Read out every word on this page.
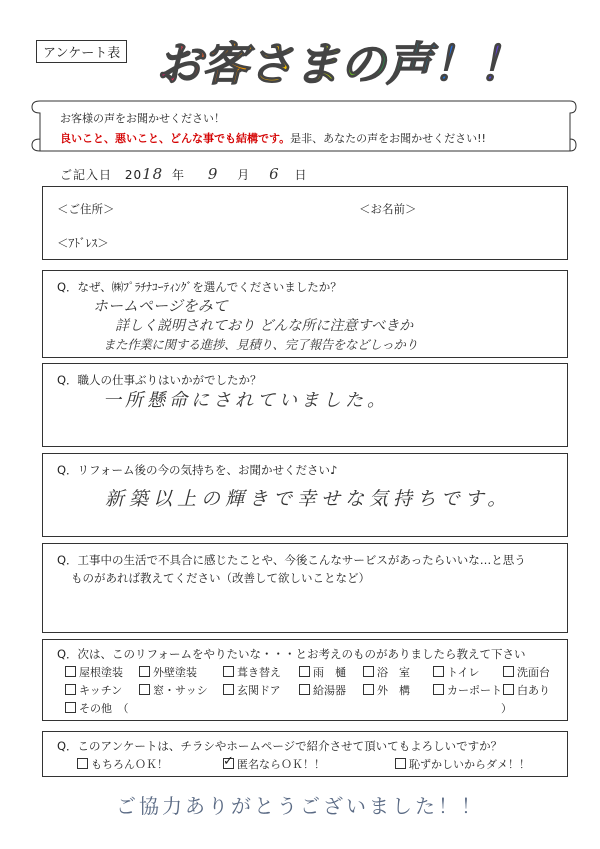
アンケート表 お客さまの声！！
お客様の声をお聞かせください！
良いこと、悪いこと、どんな事でも結構です。是非、あなたの声をお聞かせください!!
ご記入日 2018 年 9 月 6 日
＜ご住所＞	＜お名前＞
＜ｱﾄﾞﾚｽ＞
Q．なぜ、㈱ﾌﾟﾗﾁﾅｺｰﾃｨﾝｸﾞを選んでくださいましたか？
ホームページをみて
詳しく説明されており どんな所に注意すべきか
また作業に関する進捗、見積り、完了報告をなどしっかり
Q．職人の仕事ぶりはいかがでしたか？
一所懸命にされていました。
Q．リフォーム後の今の気持ちを、お聞かせください♪
新築以上の輝きで幸せな気持ちです。
Q．工事中の生活で不具合に感じたことや、今後こんなサービスがあったらいいな…と思う
ものがあれば教えてください（改善して欲しいことなど）
Q．次は、このリフォームをやりたいな・・・とお考えのものがありましたら教えて下さい
屋根塗装	外壁塗装	葺き替え	雨　樋	浴　室	トイレ	洗面台
キッチン	窓・サッシ	玄関ドア	給湯器	外　構	カーポート	白あり
その他　（	）
Q．このアンケートは、チラシやホームページで紹介させて頂いてもよろしいですか？
もちろんＯＫ！	✓ 匿名ならＯＫ！！	恥ずかしいからダメ！！
ご協力ありがとうございました！！
